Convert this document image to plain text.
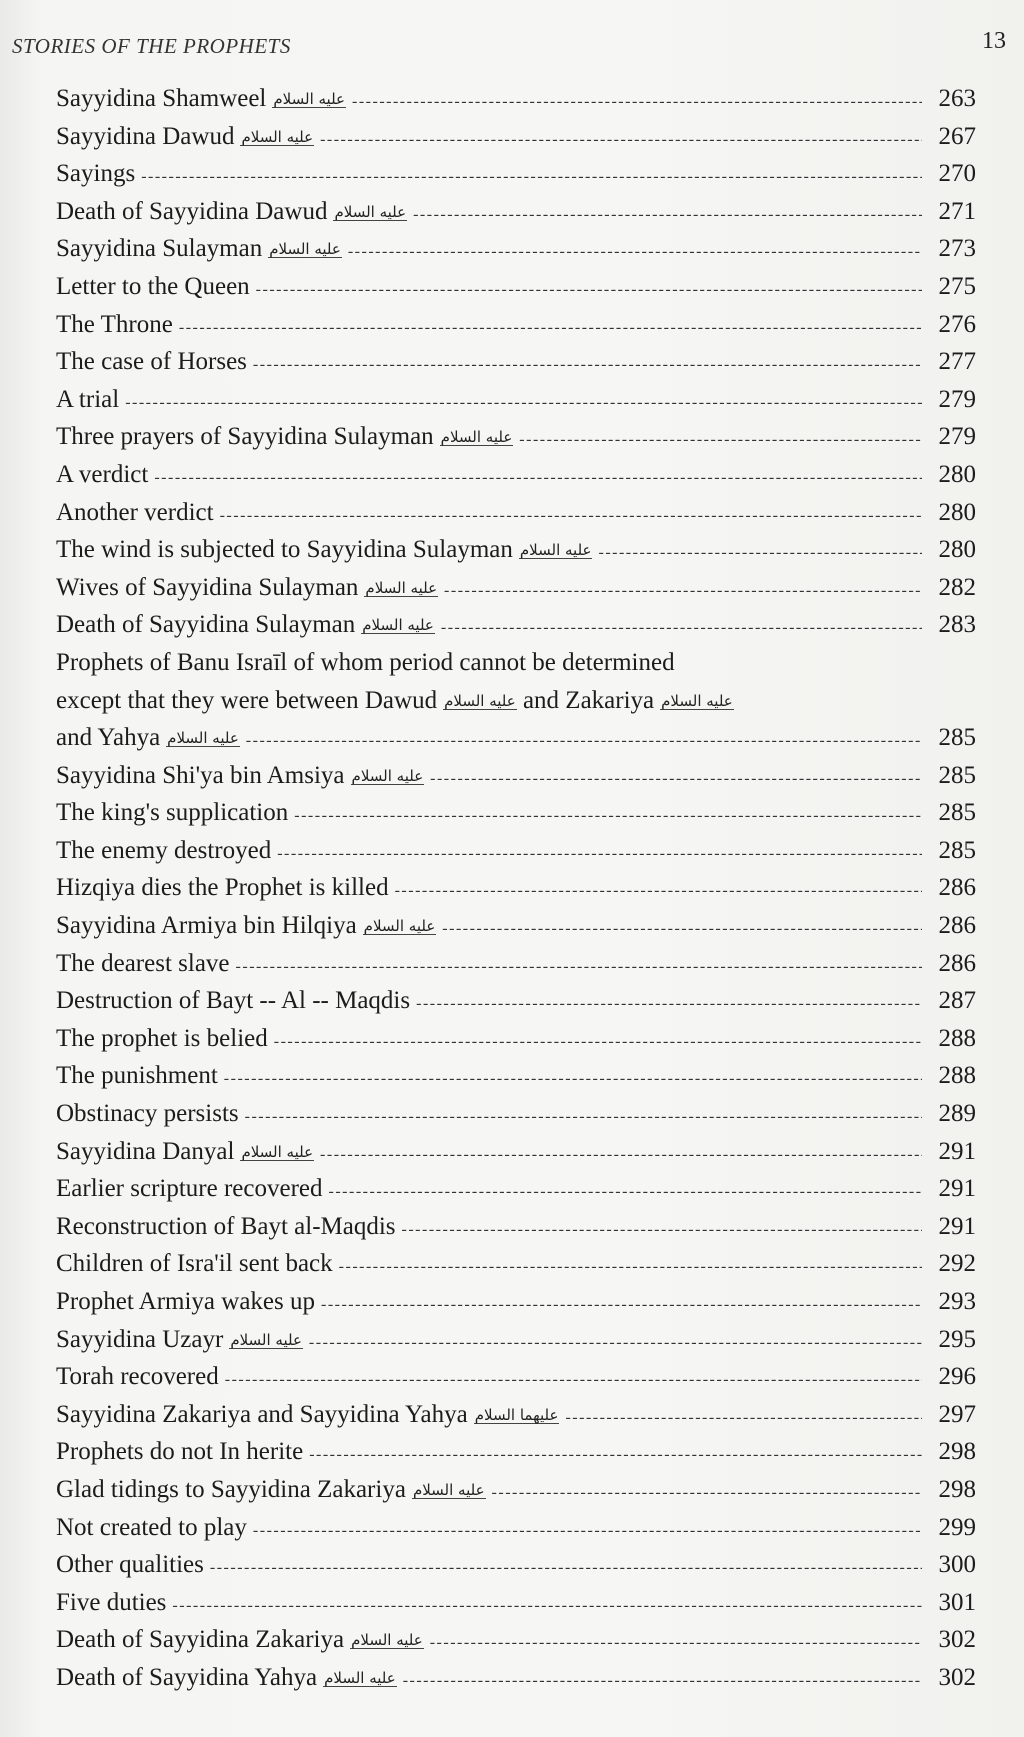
STORIES OF THE PROPHETS	13
Sayyidina Shamweel عليه السلام -----	263
Sayyidina Dawud عليه السلام -----	267
Sayings -----	270
Death of Sayyidina Dawud عليه السلام -----	271
Sayyidina Sulayman عليه السلام -----	273
Letter to the Queen -----	275
The Throne -----	276
The case of Horses -----	277
A trial -----	279
Three prayers of Sayyidina Sulayman عليه السلام -----	279
A verdict -----	280
Another verdict -----	280
The wind is subjected to Sayyidina Sulayman عليه السلام -----	280
Wives of Sayyidina Sulayman عليه السلام -----	282
Death of Sayyidina Sulayman عليه السلام -----	283
Prophets of Banu Israīl of whom period cannot be determined
except that they were between Dawud عليه السلام and Zakariya عليه السلام
and Yahya عليه السلام -----	285
Sayyidina Shi'ya bin Amsiya عليه السلام -----	285
The king's supplication -----	285
The enemy destroyed -----	285
Hizqiya dies the Prophet is killed -----	286
Sayyidina Armiya bin Hilqiya عليه السلام -----	286
The dearest slave -----	286
Destruction of Bayt -- Al -- Maqdis -----	287
The prophet is belied -----	288
The punishment -----	288
Obstinacy persists -----	289
Sayyidina Danyal عليه السلام -----	291
Earlier scripture recovered -----	291
Reconstruction of Bayt al-Maqdis -----	291
Children of Isra'il sent back -----	292
Prophet Armiya wakes up -----	293
Sayyidina Uzayr عليه السلام -----	295
Torah recovered -----	296
Sayyidina Zakariya and Sayyidina Yahya عليهما السلام -----	297
Prophets do not In herite -----	298
Glad tidings to Sayyidina Zakariya عليه السلام -----	298
Not created to play -----	299
Other qualities -----	300
Five duties -----	301
Death of Sayyidina Zakariya عليه السلام -----	302
Death of Sayyidina Yahya عليه السلام -----	302
